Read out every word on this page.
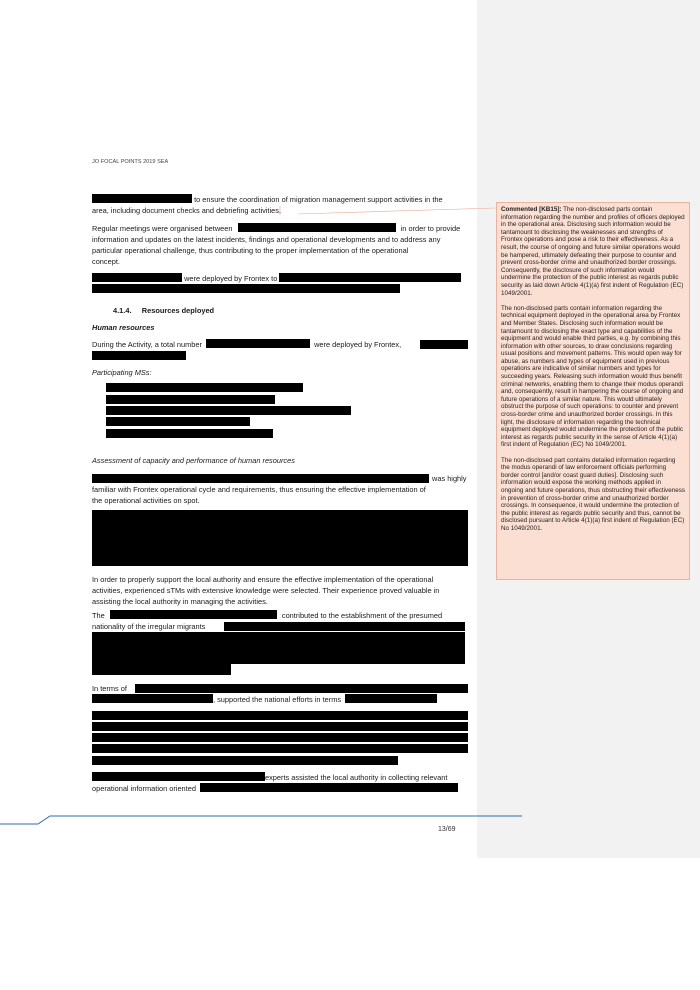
JO FOCAL POINTS 2019 SEA
to ensure the coordination of migration management support activities in the
area, including document checks and debriefing activities.
Regular meetings were organised between	in order to provide
information and updates on the latest incidents, findings and operational developments and to address any
particular operational challenge, thus contributing to the proper implementation of the operational
concept.
were deployed by Frontex to
4.1.4. Resources deployed
Human resources
During the Activity, a total number	were deployed by Frontex,
Participating MSs:
Assessment of capacity and performance of human resources
was highly
familiar with Frontex operational cycle and requirements, thus ensuring the effective implementation of
the operational activities on spot.
In order to properly support the local authority and ensure the effective implementation of the operational
activities, experienced sTMs with extensive knowledge were selected. Their experience proved valuable in
assisting the local authority in managing the activities.
The	contributed to the establishment of the presumed
nationality of the irregular migrants
In terms of
, supported the national efforts in terms
experts assisted the local authority in collecting relevant
operational information oriented

Commented [KB15]: The non-disclosed parts contain information regarding the number and profiles of officers deployed in the operational area. Disclosing such information would be tantamount to disclosing the weaknesses and strengths of Frontex operations and pose a risk to their effectiveness. As a result, the course of ongoing and future similar operations would be hampered, ultimately defeating their purpose to counter and prevent cross-border crime and unauthorized border crossings. Consequently, the disclosure of such information would undermine the protection of the public interest as regards public security as laid down Article 4(1)(a) first indent of Regulation (EC) 1049/2001.

The non-disclosed parts contain information regarding the technical equipment deployed in the operational area by Frontex and Member States. Disclosing such information would be tantamount to disclosing the exact type and capabilities of the equipment and would enable third parties, e.g. by combining this information with other sources, to draw conclusions regarding usual positions and movement patterns. This would open way for abuse, as numbers and types of equipment used in previous operations are indicative of similar numbers and types for succeeding years. Releasing such information would thus benefit criminal networks, enabling them to change their modus operandi and, consequently, result in hampering the course of ongoing and future operations of a similar nature. This would ultimately obstruct the purpose of such operations: to counter and prevent cross-border crime and unauthorized border crossings. In this light, the disclosure of information regarding the technical equipment deployed would undermine the protection of the public interest as regards public security in the sense of Article 4(1)(a) first indent of Regulation (EC) No 1049/2001.

The non-disclosed part contains detailed information regarding the modus operandi of law enforcement officials performing border control [and/or coast guard duties]. Disclosing such information would expose the working methods applied in ongoing and future operations, thus obstructing their effectiveness in prevention of cross-border crime and unauthorized border crossings. In consequence, it would undermine the protection of the public interest as regards public security and thus, cannot be disclosed pursuant to Article 4(1)(a) first indent of Regulation (EC) No 1049/2001.

13/69
